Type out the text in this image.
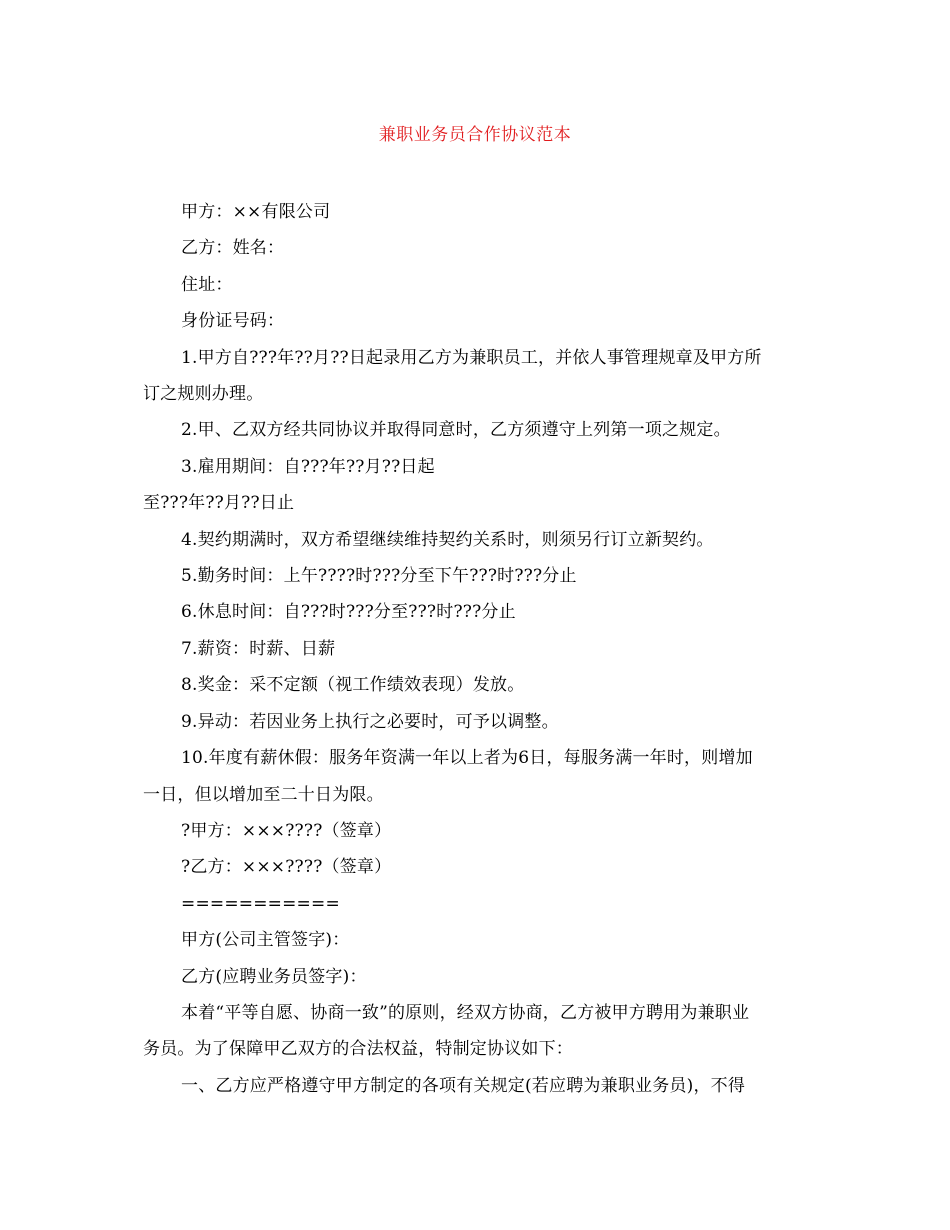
兼职业务员合作协议范本

甲方：××有限公司

乙方：姓名：

住址：

身份证号码：

1.甲方自???年??月??日起录用乙方为兼职员工，并依人事管理规章及甲方所

订之规则办理。

2.甲、乙双方经共同协议并取得同意时，乙方须遵守上列第一项之规定。

3.雇用期间：自???年??月??日起

至???年??月??日止

4.契约期满时，双方希望继续维持契约关系时，则须另行订立新契约。

5.勤务时间：上午????时???分至下午???时???分止

6.休息时间：自???时???分至???时???分止

7.薪资：时薪、日薪

8.奖金：采不定额（视工作绩效表现）发放。

9.异动：若因业务上执行之必要时，可予以调整。

10.年度有薪休假：服务年资满一年以上者为6日，每服务满一年时，则增加

一日，但以增加至二十日为限。

?甲方：×××????（签章）

?乙方：×××????（签章）

===========

甲方(公司主管签字)：

乙方(应聘业务员签字)：

本着“平等自愿、协商一致”的原则，经双方协商，乙方被甲方聘用为兼职业

务员。为了保障甲乙双方的合法权益，特制定协议如下：

一、乙方应严格遵守甲方制定的各项有关规定(若应聘为兼职业务员)，不得
